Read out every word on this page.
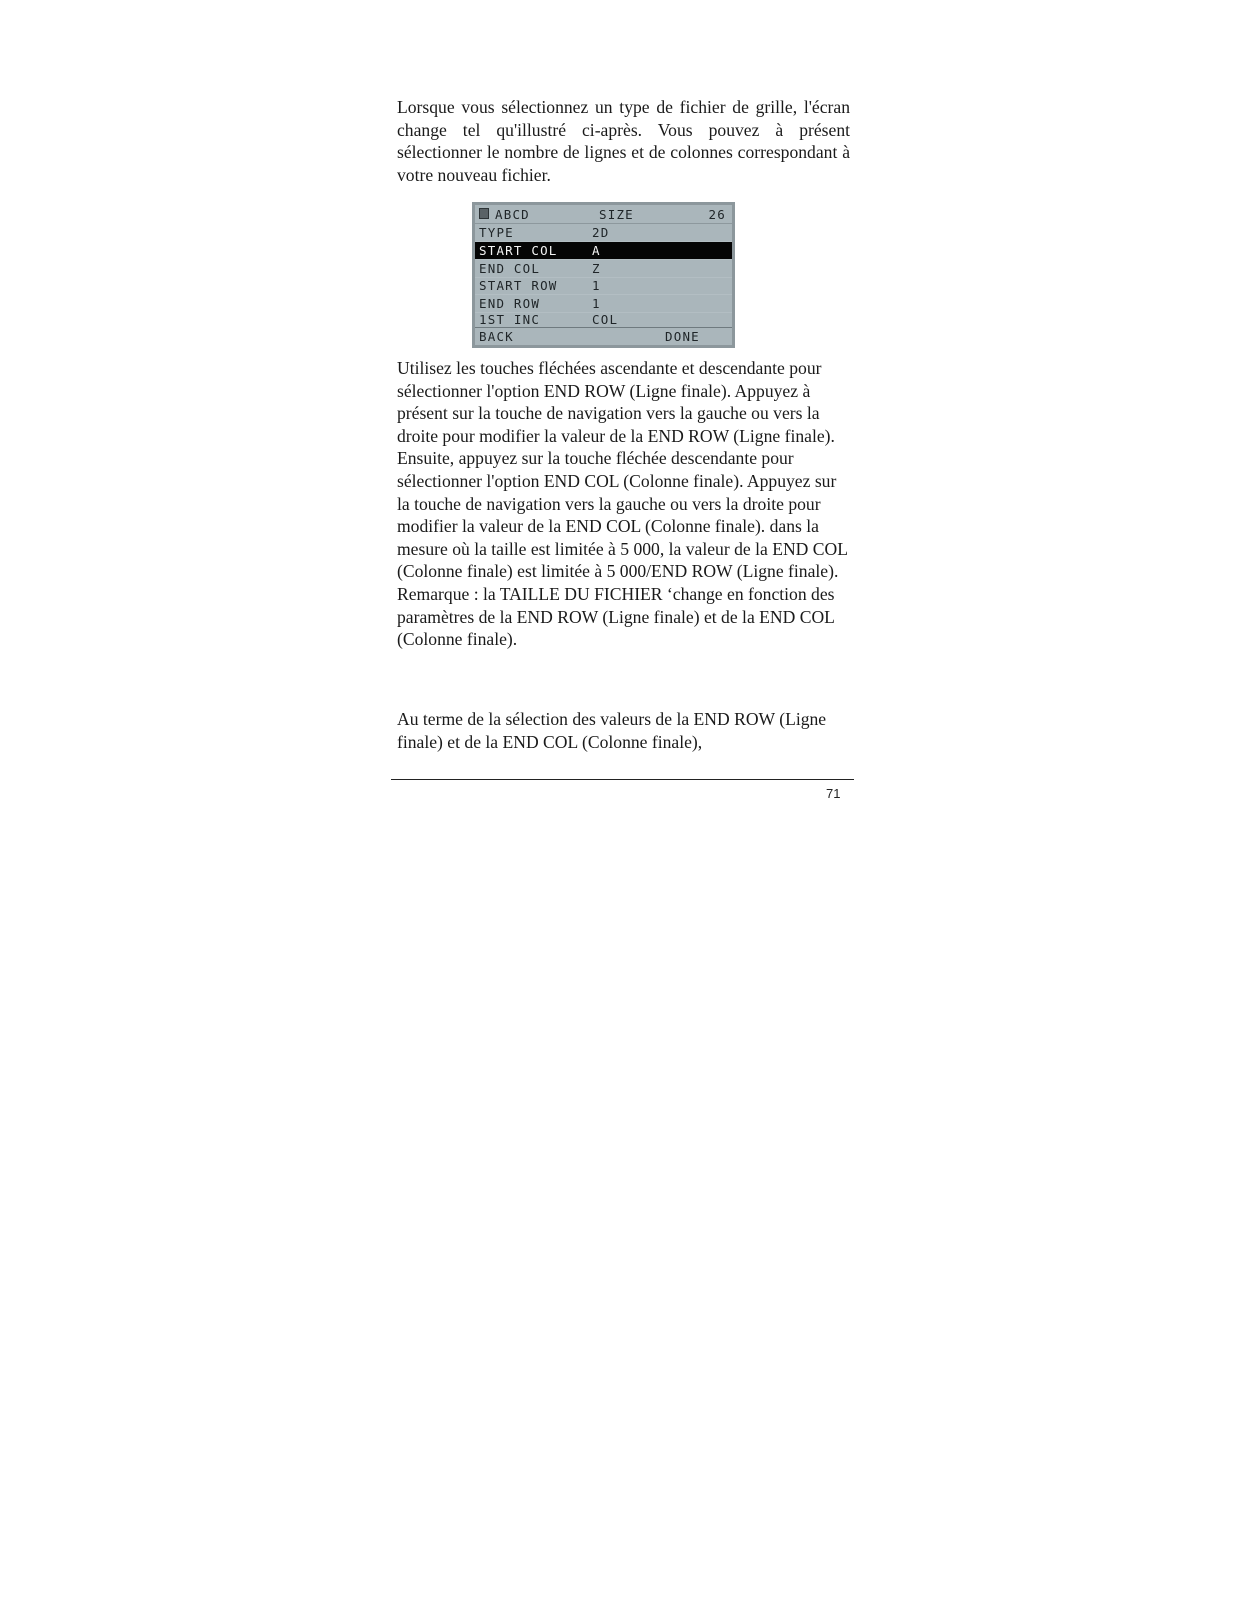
Lorsque vous sélectionnez un type de fichier de grille, l'écran change tel qu'illustré ci-après. Vous pouvez à présent sélectionner le nombre de lignes et de colonnes correspondant à votre nouveau fichier.

ABCD	SIZE	26
TYPE	2D
START COL	A
END COL	Z
START ROW	1
END ROW	1
1ST INC	COL
BACK	DONE

Utilisez les touches fléchées ascendante et descendante pour sélectionner l'option END ROW (Ligne finale). Appuyez à présent sur la touche de navigation vers la gauche ou vers la droite pour modifier la valeur de la END ROW (Ligne finale). Ensuite, appuyez sur la touche fléchée descendante pour sélectionner l'option END COL (Colonne finale). Appuyez sur la touche de navigation vers la gauche ou vers la droite pour modifier la valeur de la END COL (Colonne finale). dans la mesure où la taille est limitée à 5 000, la valeur de la END COL (Colonne finale) est limitée à 5 000/END ROW (Ligne finale). Remarque : la TAILLE DU FICHIER ‘change en fonction des paramètres de la END ROW (Ligne finale) et de la END COL (Colonne finale).

Au terme de la sélection des valeurs de la END ROW (Ligne finale) et de la END COL (Colonne finale),

71
